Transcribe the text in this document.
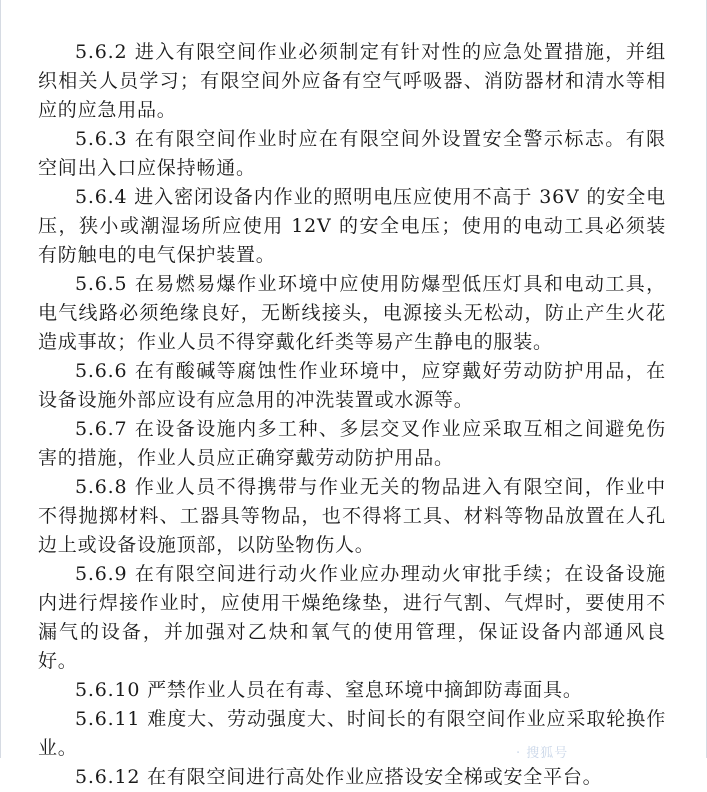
5.6.2 进入有限空间作业必须制定有针对性的应急处置措施，并组织相关人员学习；有限空间外应备有空气呼吸器、消防器材和清水等相应的应急用品。

5.6.3 在有限空间作业时应在有限空间外设置安全警示标志。有限空间出入口应保持畅通。

5.6.4 进入密闭设备内作业的照明电压应使用不高于 36V 的安全电压，狭小或潮湿场所应使用 12V 的安全电压；使用的电动工具必须装有防触电的电气保护装置。

5.6.5 在易燃易爆作业环境中应使用防爆型低压灯具和电动工具，电气线路必须绝缘良好，无断线接头，电源接头无松动，防止产生火花造成事故；作业人员不得穿戴化纤类等易产生静电的服装。

5.6.6 在有酸碱等腐蚀性作业环境中，应穿戴好劳动防护用品，在设备设施外部应设有应急用的冲洗装置或水源等。

5.6.7 在设备设施内多工种、多层交叉作业应采取互相之间避免伤害的措施，作业人员应正确穿戴劳动防护用品。

5.6.8 作业人员不得携带与作业无关的物品进入有限空间，作业中不得抛掷材料、工器具等物品，也不得将工具、材料等物品放置在人孔边上或设备设施顶部，以防坠物伤人。

5.6.9 在有限空间进行动火作业应办理动火审批手续；在设备设施内进行焊接作业时，应使用干燥绝缘垫，进行气割、气焊时，要使用不漏气的设备，并加强对乙炔和氧气的使用管理，保证设备内部通风良好。

5.6.10 严禁作业人员在有毒、窒息环境中摘卸防毒面具。

5.6.11 难度大、劳动强度大、时间长的有限空间作业应采取轮换作业。

5.6.12 在有限空间进行高处作业应搭设安全梯或安全平台。

· 搜狐号
